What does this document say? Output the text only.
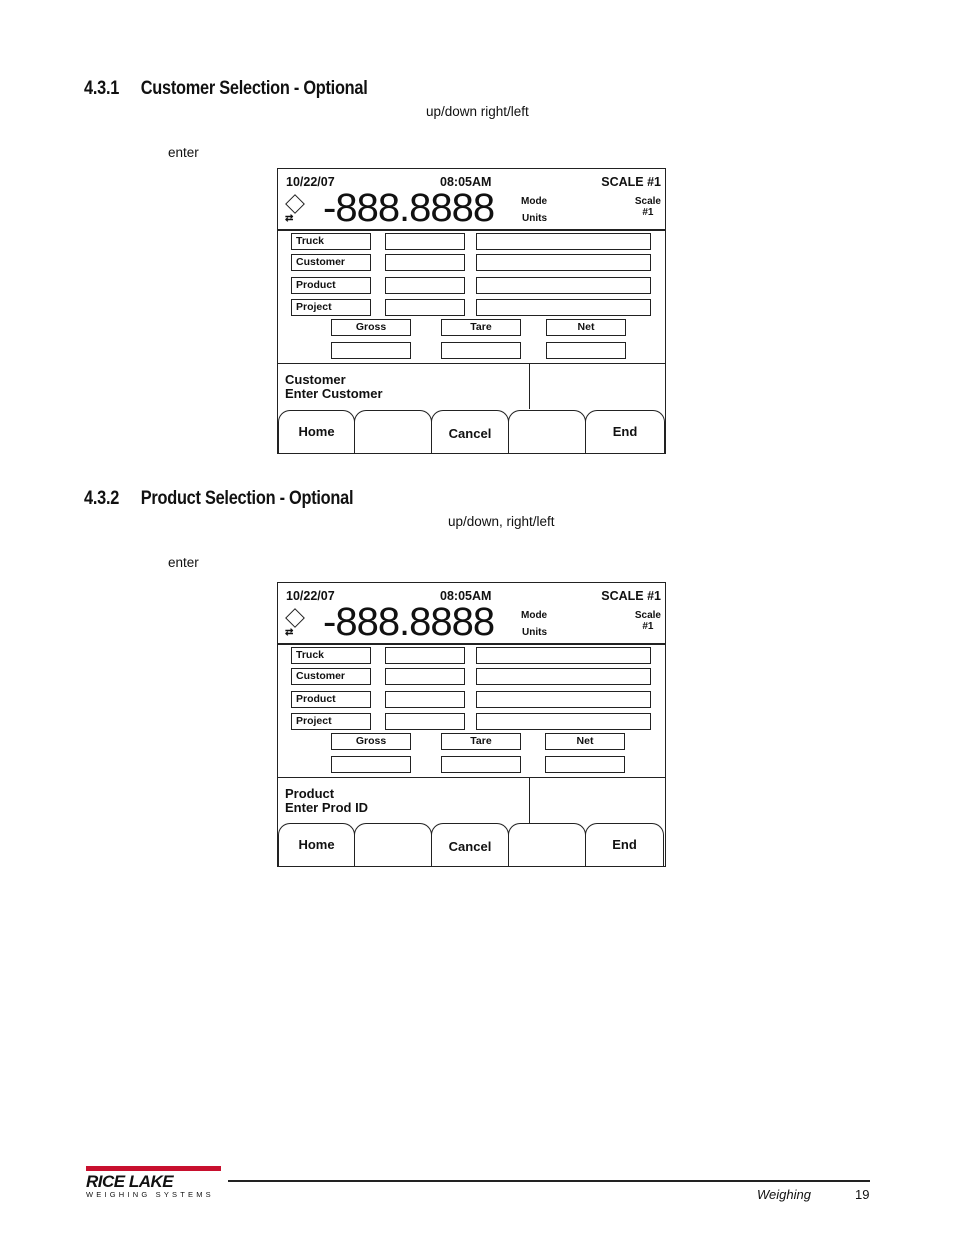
4.3.1 Customer Selection - Optional
up/down right/left
enter
10/22/07	08:05AM	SCALE #1
⇄ -888.8888	Mode
Units
Scale
#1
Truck
Customer
Product
Project
Gross	Tare	Net
Customer
Enter Customer
Home	Cancel	End
4.3.2 Product Selection - Optional
up/down, right/left
enter
10/22/07	08:05AM	SCALE #1
⇄ -888.8888	Mode
Units
Scale
#1
Truck
Customer
Product
Project
Gross	Tare	Net
Product
Enter Prod ID
Home	Cancel	End
RICE LAKE
WEIGHING SYSTEMS	Weighing	19
